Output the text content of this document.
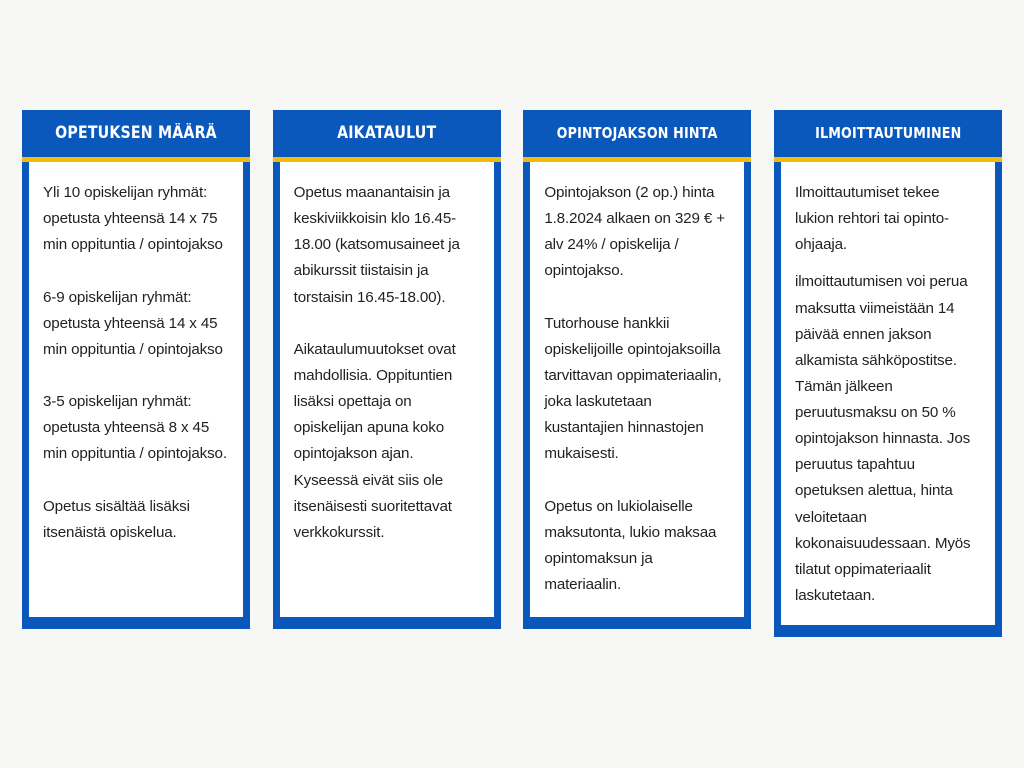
OPETUKSEN MÄÄRÄ

Yli 10 opiskelijan ryhmät: opetusta yhteensä 14 x 75 min oppituntia / opintojakso

6-9 opiskelijan ryhmät: opetusta yhteensä 14 x 45 min oppituntia / opintojakso

3-5 opiskelijan ryhmät: opetusta yhteensä 8 x 45 min oppituntia / opintojakso.

Opetus sisältää lisäksi itsenäistä opiskelua.

AIKATAULUT

Opetus maanantaisin ja keskiviikkoisin klo 16.45-18.00 (katsomusaineet ja abikurssit tiistaisin ja torstaisin 16.45-18.00).

Aikataulumuutokset ovat mahdollisia. Oppituntien lisäksi opettaja on opiskelijan apuna koko opintojakson ajan. Kyseessä eivät siis ole itsenäisesti suoritettavat verkkokurssit.

OPINTOJAKSON HINTA

Opintojakson (2 op.) hinta 1.8.2024 alkaen on 329 € + alv 24% / opiskelija / opintojakso.

Tutorhouse hankkii opiskelijoille opintojaksoilla tarvittavan oppimateriaalin, joka laskutetaan kustantajien hinnastojen mukaisesti.

Opetus on lukiolaiselle maksutonta, lukio maksaa opintomaksun ja materiaalin.

ILMOITTAUTUMINEN

Ilmoittautumiset tekee lukion rehtori tai opinto-ohjaaja.

ilmoittautumisen voi perua maksutta viimeistään 14 päivää ennen jakson alkamista sähköpostitse. Tämän jälkeen peruutusmaksu on 50 % opintojakson hinnasta. Jos peruutus tapahtuu opetuksen alettua, hinta veloitetaan kokonaisuudessaan. Myös tilatut oppimateriaalit laskutetaan.
